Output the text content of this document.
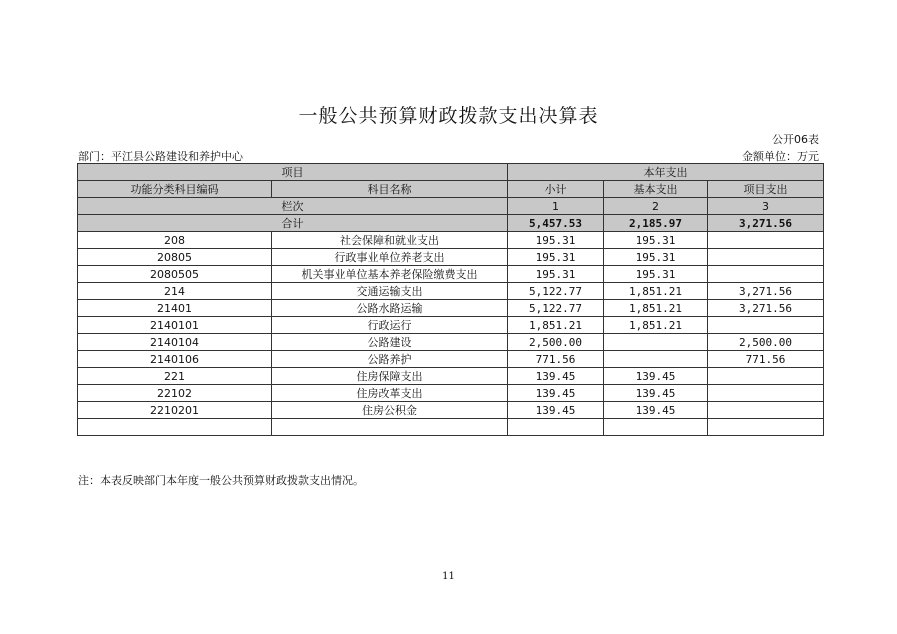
一般公共预算财政拨款支出决算表
公开06表
部门：平江县公路建设和养护中心	金额单位：万元
项目		本年支出		
功能分类科目编码	科目名称	小计	基本支出	项目支出
栏次		1	2	3
合计		5,457.53	2,185.97	3,271.56
208	社会保障和就业支出	195.31	195.31	
20805	行政事业单位养老支出	195.31	195.31	
2080505	机关事业单位基本养老保险缴费支出	195.31	195.31	
214	交通运输支出	5,122.77	1,851.21	3,271.56
21401	公路水路运输	5,122.77	1,851.21	3,271.56
2140101	行政运行	1,851.21	1,851.21	
2140104	公路建设	2,500.00		2,500.00
2140106	公路养护	771.56		771.56
221	住房保障支出	139.45	139.45	
22102	住房改革支出	139.45	139.45	
2210201	住房公积金	139.45	139.45	

注：本表反映部门本年度一般公共预算财政拨款支出情况。
11
